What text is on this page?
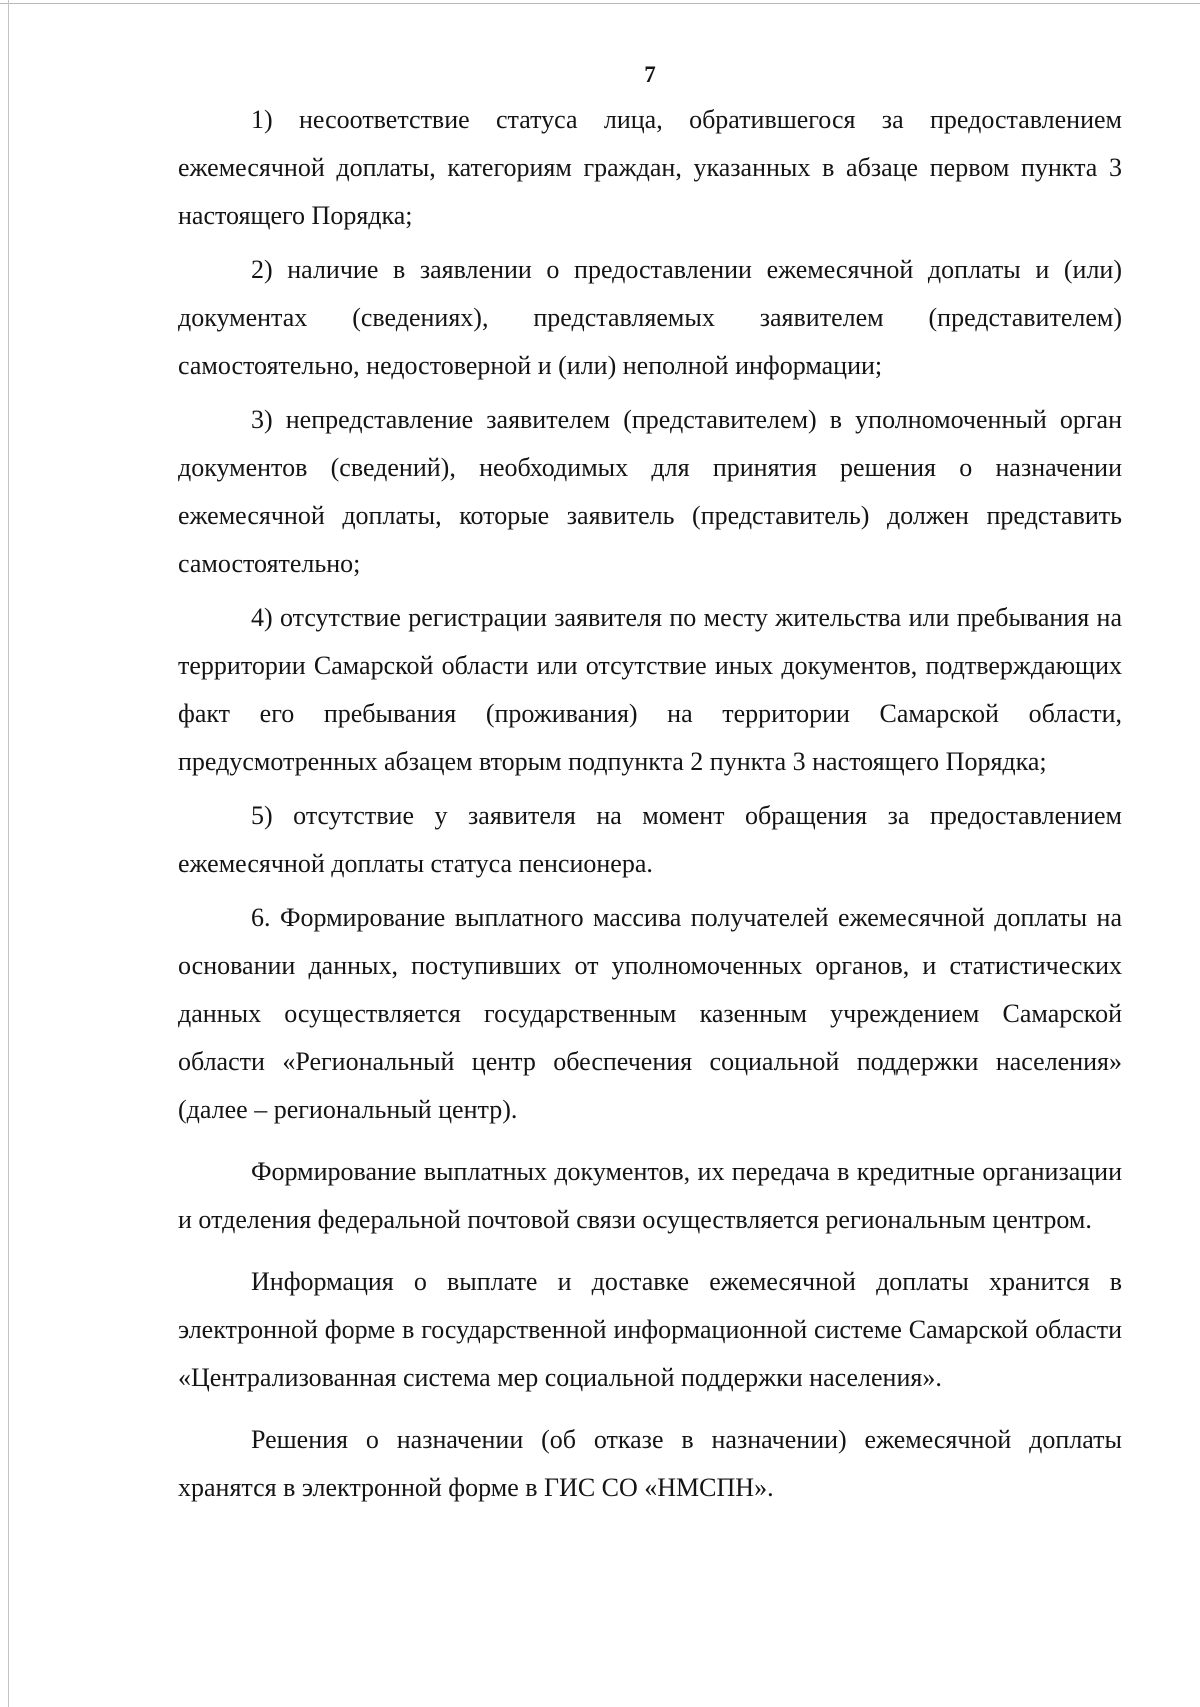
7

1) несоответствие статуса лица, обратившегося за предоставлением ежемесячной доплаты, категориям граждан, указанных в абзаце первом пункта 3 настоящего Порядка;

2) наличие в заявлении о предоставлении ежемесячной доплаты и (или) документах (сведениях), представляемых заявителем (представителем) самостоятельно, недостоверной и (или) неполной информации;

3) непредставление заявителем (представителем) в уполномоченный орган документов (сведений), необходимых для принятия решения о назначении ежемесячной доплаты, которые заявитель (представитель) должен представить самостоятельно;

4) отсутствие регистрации заявителя по месту жительства или пребывания на территории Самарской области или отсутствие иных документов, подтверждающих факт его пребывания (проживания) на территории Самарской области, предусмотренных абзацем вторым подпункта 2 пункта 3 настоящего Порядка;

5) отсутствие у заявителя на момент обращения за предоставлением ежемесячной доплаты статуса пенсионера.

6. Формирование выплатного массива получателей ежемесячной доплаты на основании данных, поступивших от уполномоченных органов, и статистических данных осуществляется государственным казенным учреждением Самарской области «Региональный центр обеспечения социальной поддержки населения» (далее – региональный центр).

Формирование выплатных документов, их передача в кредитные организации и отделения федеральной почтовой связи осуществляется региональным центром.

Информация о выплате и доставке ежемесячной доплаты хранится в электронной форме в государственной информационной системе Самарской области «Централизованная система мер социальной поддержки населения».

Решения о назначении (об отказе в назначении) ежемесячной доплаты хранятся в электронной форме в ГИС СО «НМСПН».
